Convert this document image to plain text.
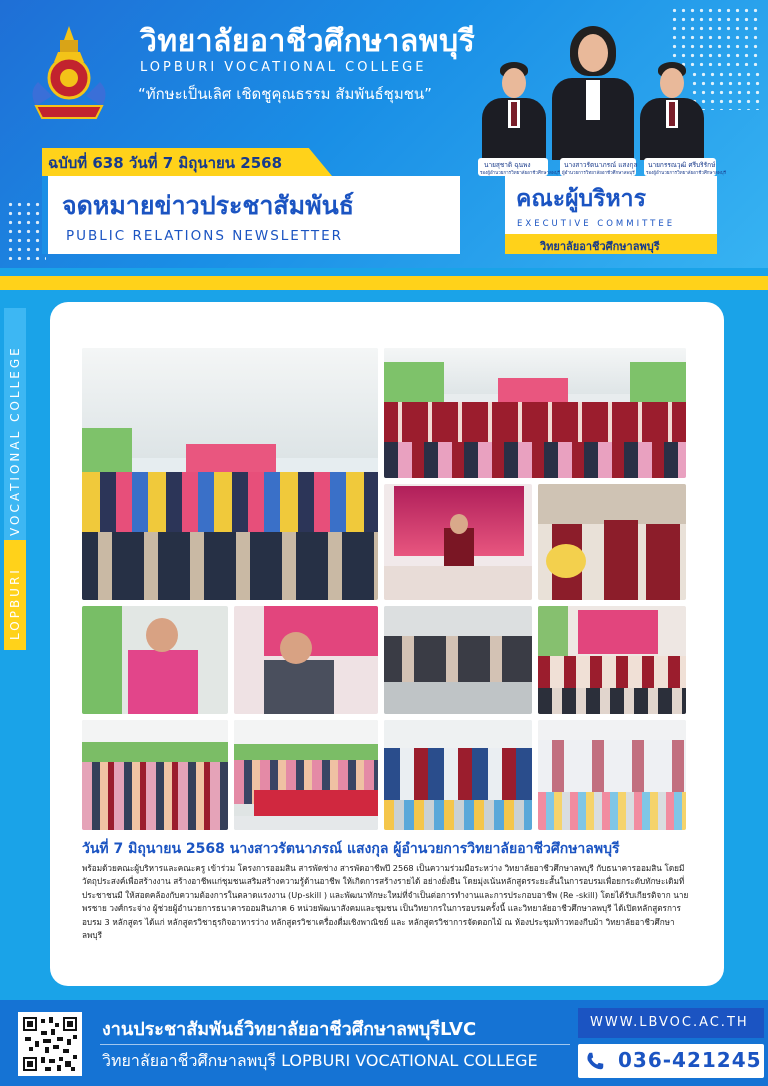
วิทยาลัยอาชีวศึกษาลพบุรี
LOPBURI VOCATIONAL COLLEGE
“ทักษะเป็นเลิศ เชิดชูคุณธรรม สัมพันธ์ชุมชน”
นายสุชาติ ฉุนพง
รองผู้อำนวยการวิทยาลัยอาชีวศึกษาลพบุรี
นางสาวรัตนาภรณ์ แสงกุล
ผู้อำนวยการวิทยาลัยอาชีวศึกษาลพบุรี
นายกรรณวุฒิ ศรีบริรักษ์
รองผู้อำนวยการวิทยาลัยอาชีวศึกษาลพบุรี
ฉบับที่ 638 วันที่ 7 มิถุนายน 2568
จดหมายข่าวประชาสัมพันธ์
PUBLIC RELATIONS NEWSLETTER
คณะผู้บริหาร
EXECUTIVE COMMITTEE
วิทยาลัยอาชีวศึกษาลพบุรี
VOCATIONAL COLLEGE
LOPBURI
วันที่ 7 มิถุนายน 2568 นางสาวรัตนาภรณ์ แสงกุล ผู้อำนวยการวิทยาลัยอาชีวศึกษาลพบุรี
พร้อมด้วยคณะผู้บริหารและคณะครู เข้าร่วม โครงการออมสิน สารพัดช่าง สารพัดอาชีพปี 2568 เป็นความร่วมมือระหว่าง วิทยาลัยอาชีวศึกษาลพบุรี กับธนาคารออมสิน โดยมีวัตถุประสงค์เพื่อสร้างงาน สร้างอาชีพแก่ชุมชนเสริมสร้างความรู้ด้านอาชีพ ให้เกิดการสร้างรายได้ อย่างยั่งยืน โดยมุ่งเน้นหลักสูตรระยะสั้นในการอบรมเพื่อยกระดับทักษะเดิมที่ประชาชนมี ให้สอดคล้องกับความต้องการในตลาดแรงงาน (Up-skill ) และพัฒนาทักษะใหม่ที่จำเป็นต่อการทำงานและการประกอบอาชีพ (Re -skill) โดยได้รับเกียรติจาก นายพรชาย วงศ์กระจ่าง ผู้ช่วยผู้อำนวยการธนาคารออมสินภาค 6 หน่วยพัฒนาสังคมและชุมชน เป็นวิทยากรในการอบรมครั้งนี้ และวิทยาลัยอาชีวศึกษาลพบุรี ได้เปิดหลักสูตรการอบรม 3 หลักสูตร ได้แก่ หลักสูตรวิชาธุรกิจอาหารว่าง หลักสูตรวิชาเครื่องดื่มเชิงพาณิชย์ และ หลักสูตรวิชาการจัดดอกไม้ ณ ห้องประชุมท้าวทองกีบม้า วิทยาลัยอาชีวศึกษาลพบุรี
งานประชาสัมพันธ์วิทยาลัยอาชีวศึกษาลพบุรีLVC
วิทยาลัยอาชีวศึกษาลพบุรี LOPBURI VOCATIONAL COLLEGE
WWW.LBVOC.AC.TH
036-421245
